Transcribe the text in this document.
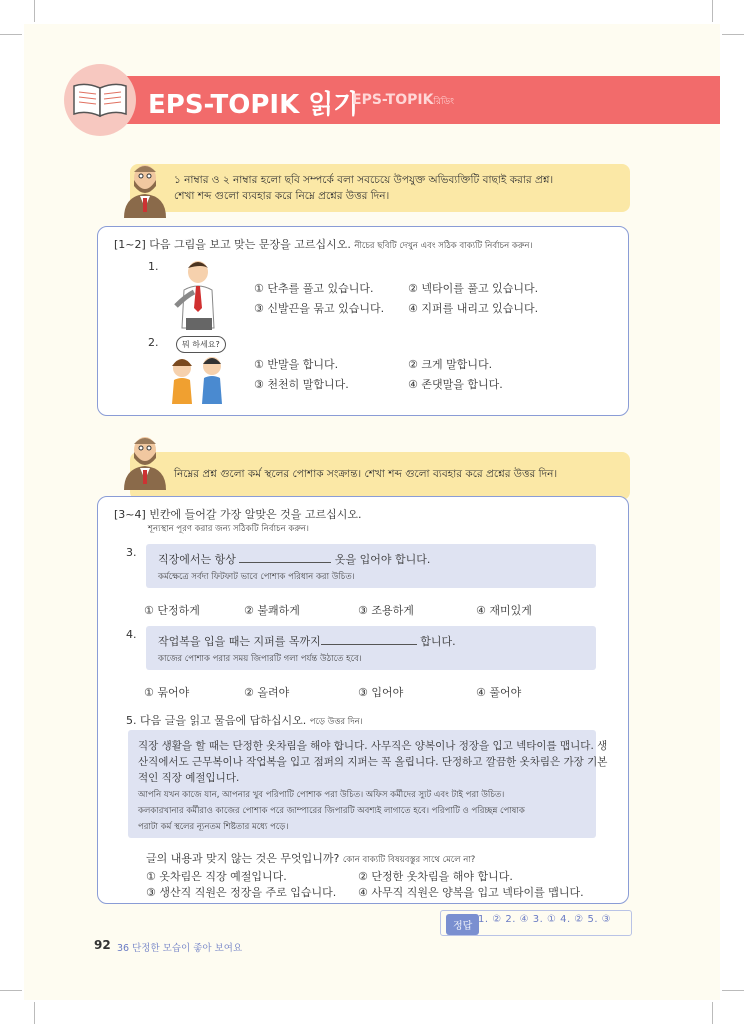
EPS-TOPIK 읽기
EPS-TOPIKরিডিং
১ নাম্বার ও ২ নাম্বার হলো ছবি সম্পর্কে বলা সবচেয়ে উপযুক্ত অভিব্যক্তিটি বাছাই করার প্রশ্ন।
শেখা শব্দ গুলো ব্যবহার করে নিম্নে প্রশ্নের উত্তর দিন।
[1~2] 다음 그림을 보고 맞는 문장을 고르십시오. নীচের ছবিটি দেখুন এবং সঠিক বাক্যটি নির্বাচন করুন।
1.
① 단추를 풀고 있습니다.	② 넥타이를 풀고 있습니다.
③ 신발끈을 묶고 있습니다. ④ 지퍼를 내리고 있습니다.
2.	뭐 하세요?
① 반말을 합니다.	② 크게 말합니다.
③ 천천히 말합니다.	④ 존댓말을 합니다.
নিম্নের প্রশ্ন গুলো কর্ম স্থলের পোশাক সংক্রান্ত। শেখা শব্দ গুলো ব্যবহার করে প্রশ্নের উত্তর দিন।
[3~4] 빈칸에 들어갈 가장 알맞은 것을 고르십시오.
শূন্যস্থান পূরণ করার জন্য সঠিকটি নির্বাচন করুন।
3.
직장에서는 항상	옷을 입어야 합니다.
কর্মক্ষেত্রে সর্বদা ফিটফাট ভাবে পোশাক পরিধান করা উচিত।
① 단정하게	② 불쾌하게	③ 조용하게	④ 재미있게
4.
작업복을 입을 때는 지퍼를 목까지	합니다.
কাজের পোশাক পরার সময় জিপারটি গলা পর্যন্ত উঠাতে হবে।
① 묶어야	② 올려야	③ 입어야	④ 풀어야
5. 다음 글을 읽고 물음에 답하십시오. পড়ে উত্তর দিন।
직장 생활을 할 때는 단정한 옷차림을 해야 합니다. 사무직은 양복이나 정장을 입고 넥타이를 맵니다. 생
산직에서도 근무복이나 작업복을 입고 점퍼의 지퍼는 꼭 올립니다. 단정하고 깔끔한 옷차림은 가장 기본
적인 직장 예절입니다.
আপনি যখন কাজে যান, আপনার খুব পরিপাটি পোশাক পরা উচিত। অফিস কর্মীদের স্যুট এবং টাই পরা উচিত।
কলকারখানার কর্মীরাও কাজের পোশাক পরে জাম্পারের জিপারটি অবশ্যই লাগাতে হবে। পরিপাটি ও পরিচ্ছন্ন পোষাক
পরাটা কর্ম স্থলের ন্যূনতম শিষ্টতার মধ্যে পড়ে।
글의 내용과 맞지 않는 것은 무엇입니까? কোন বাক্যটি বিষয়বস্তুর সাথে মেলে না?
① 옷차림은 직장 예절입니다.	② 단정한 옷차림을 해야 합니다.
③ 생산직 직원은 정장을 주로 입습니다. ④ 사무직 직원은 양복을 입고 넥타이를 맵니다.
정답
1. ② 2. ④ 3. ① 4. ② 5. ③
92 36 단정한 모습이 좋아 보여요
